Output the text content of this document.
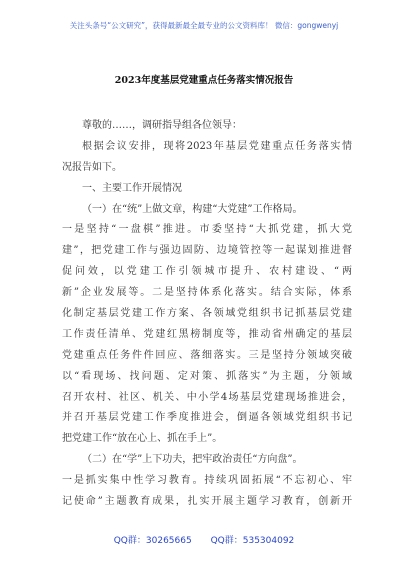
关注头条号“公文研究”，获得最新最全最专业的公文资料库！ 微信：gongwenyj
2023年度基层党建重点任务落实情况报告
尊敬的……，调研指导组各位领导：
根据会议安排，现将2023年基层党建重点任务落实情
况报告如下。
一、主要工作开展情况
（一）在“统”上做文章，构建“大党建”工作格局。
一是坚持“一盘棋”推进。市委坚持“大抓党建，抓大党
建”，把党建工作与强边固防、边境管控等一起谋划推进督
促问效，以党建工作引领城市提升、农村建设、“两
新”企业发展等。二是坚持体系化落实。结合实际，体系
化制定基层党建工作方案、各领域党组织书记抓基层党建
工作责任清单、党建红黑榜制度等，推动省州确定的基层
党建重点任务件件回应、落细落实。三是坚持分领域突破
以“看现场、找问题、定对策、抓落实”为主题，分领域
召开农村、社区、机关、中小学4场基层党建现场推进会，
并召开基层党建工作季度推进会，倒逼各领域党组织书记
把党建工作“放在心上、抓在手上”。
（二）在“学”上下功夫，把牢政治责任“方向盘”。
一是抓实集中性学习教育。持续巩固拓展“不忘初心、牢
记使命”主题教育成果，扎实开展主题学习教育，创新开
QQ群：30265665 QQ群：535304092
